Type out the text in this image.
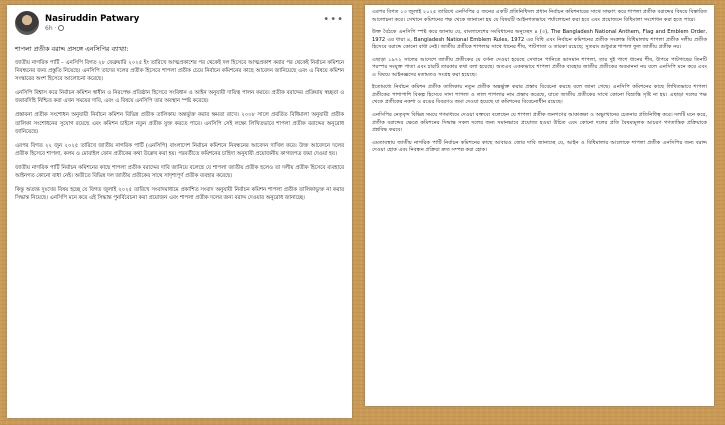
Nasiruddin Patwary
6h ·
•••
শাপলা প্রতীক বরাদ্দ প্রসঙ্গে এনসিপির ব্যাখ্যা:

জাতীয় নাগরিক পার্টি – এনসিপি বিগত ২৮ ফেব্রুয়ারি ২০২৫ ইং তারিখে আত্মপ্রকাশের পর থেকেই দল হিসেবে আত্মপ্রকাশ করার পর থেকেই নির্বাচন কমিশনে নিবন্ধনের জন্য প্রস্তুতি নিয়েছে। এনসিপি তাদের দলের প্রতীক হিসেবে শাপলা প্রতীক চেয়ে নির্বাচন কমিশনের কাছে আবেদন জানিয়েছে এবং এ বিষয়ে কমিশন সংস্কারের অংশ হিসেবে আলোচনা করেছে।

এনসিপি বিশ্বাস করে নির্বাচন কমিশন স্বাধীন ও নিরপেক্ষ প্রতিষ্ঠান হিসেবে সংবিধান ও আইন অনুযায়ী দায়িত্ব পালন করবে। প্রতীক বরাদ্দের প্রক্রিয়ায় স্বচ্ছতা ও জবাবদিহি নিশ্চিত করা এখন সময়ের দাবি, এবং এ বিষয়ে এনসিপি তার অবস্থান স্পষ্ট করেছে।

প্রস্তাবনা প্রতীক সংশোধন অনুযায়ী নির্বাচন কমিশন বিভিন্ন প্রতীক তালিকায় অন্তর্ভুক্ত করার ক্ষমতা রাখে। ২০০৮ সালে প্রবর্তিত বিধিমালা অনুযায়ী প্রতীক তালিকা সংশোধনের সুযোগ রয়েছে এবং কমিশন চাইলে নতুন প্রতীক যুক্ত করতে পারে। এনসিপি সেই লক্ষ্যে লিখিতভাবে শাপলা প্রতীক বরাদ্দের অনুরোধ জানিয়েছে।

এরপর বিগত ২২ জুন ২০২৫ তারিখে জাতীয় নাগরিক পার্টি (এনসিপি) বাংলাদেশ নির্বাচন কমিশনে নিবন্ধনের আবেদন দাখিল করে। উক্ত আবেদনে দলের প্রতীক হিসেবে শাপলা, কলম ও মোবাইল ফোন প্রতীকের কথা উল্লেখ করা হয়। পরবর্তীতে কমিশনের চাহিদা অনুযায়ী প্রয়োজনীয় কাগজপত্র জমা দেওয়া হয়।

জাতীয় নাগরিক পার্টি নির্বাচন কমিশনের কাছে শাপলা প্রতীক বরাদ্দের দাবি জানিয়ে বলেছে যে শাপলা জাতীয় প্রতীক হলেও তা দলীয় প্রতীক হিসেবে ব্যবহারে আইনগত কোনো বাধা নেই। অতীতে বিভিন্ন দল জাতীয় প্রতীকের সাথে সাদৃশ্যপূর্ণ প্রতীক ব্যবহার করেছে।

কিন্তু অত্যন্ত দুঃখের বিষয় হচ্ছে যে বিগত জুলাই ২০২৫ তারিখে সংবাদমাধ্যমে প্রকাশিত সংবাদ অনুযায়ী নির্বাচন কমিশন শাপলা প্রতীক তালিকাভুক্ত না করার সিদ্ধান্ত নিয়েছে। এনসিপি মনে করে এই সিদ্ধান্ত পুনর্বিবেচনা করা প্রয়োজন এবং শাপলা প্রতীক দলের জন্য বরাদ্দ দেওয়ার অনুরোধ জানাচ্ছে।

এরপর বিগত ১৩ জুলাই ২০২৫ তারিখে এনসিপির ৫ জনের একটি প্রতিনিধিদল প্রধান নির্বাচন কমিশনারের সাথে সাক্ষাৎ করে শাপলা প্রতীক বরাদ্দের বিষয়ে বিস্তারিত আলোচনা করে। সেখানে কমিশনের পক্ষ থেকে জানানো হয় যে বিষয়টি আইনগতভাবে পর্যালোচনা করা হবে এবং প্রয়োজনে বিধিমালা সংশোধন করা হতে পারে।

উক্ত বৈঠকে এনসিপি স্পষ্ট করে জানায় যে, বাংলাদেশের সংবিধানের অনুচ্ছেদ ৪ (৩), The Bangladesh National Anthem, Flag and Emblem Order, 1972 এর ধারা ৪, Bangladesh National Emblem Rules, 1972 এর বিধি এবং নির্বাচন কমিশনের প্রতীক সংক্রান্ত বিধিমালায় শাপলা প্রতীক দলীয় প্রতীক হিসেবে বরাদ্দে কোনো বাধা নেই। জাতীয় প্রতীকে শাপলার সাথে ধানের শীষ, পাটপাতা ও তারকা রয়েছে; সুতরাং শুধুমাত্র শাপলা ফুল জাতীয় প্রতীক নয়।

এছাড়া ১৯৭২ সালের আদেশে জাতীয় প্রতীকের যে বর্ণনা দেওয়া হয়েছে সেখানে পানিতে ভাসমান শাপলা, তার দুই পাশে ধানের শীষ, উপরে পাটগাছের তিনটি পরস্পর সংযুক্ত পাতা এবং চারটি তারকার কথা বলা হয়েছে। অতএব এককভাবে শাপলা প্রতীক ব্যবহার জাতীয় প্রতীকের অবমাননা নয় বলে এনসিপি মনে করে এবং এ বিষয়ে আইনজ্ঞদের মতামতও সংগ্রহ করা হয়েছে।

ইতোমধ্যে নির্বাচন কমিশন প্রতীক তালিকায় নতুন প্রতীক অন্তর্ভুক্ত করার প্রস্তাব বিবেচনা করছে বলে জানা গেছে। এনসিপি কমিশনের কাছে লিখিতভাবে শাপলা প্রতীকের পাশাপাশি বিকল্প হিসেবে সাদা শাপলা ও লাল শাপলার নাম প্রস্তাব করেছে, যাতে জাতীয় প্রতীকের সাথে কোনো বিভ্রান্তি সৃষ্টি না হয়। এছাড়া দলের পক্ষ থেকে প্রতীকের নকশা ও রঙের বিবরণও জমা দেওয়া হয়েছে যা কমিশনের বিবেচনাধীন রয়েছে।

এনসিপির নেতৃবৃন্দ বিভিন্ন সময়ে গণমাধ্যমে দেওয়া বক্তব্যে বলেছেন যে শাপলা প্রতীক জনগণের আকাঙ্ক্ষা ও অভ্যুত্থানের চেতনার প্রতিনিধিত্ব করে। দলটি মনে করে, প্রতীক বরাদ্দের ক্ষেত্রে কমিশনের সিদ্ধান্ত সকল দলের জন্য সমানভাবে প্রযোজ্য হওয়া উচিত এবং কোনো দলের প্রতি বৈষম্যমূলক আচরণ গণতান্ত্রিক প্রক্রিয়াকে প্রশ্নবিদ্ধ করবে।

এমতাবস্থায় জাতীয় নাগরিক পার্টি নির্বাচন কমিশনের কাছে আবারও জোর দাবি জানাচ্ছে যে, আইন ও বিধিমালার আলোকে শাপলা প্রতীক এনসিপির জন্য বরাদ্দ দেওয়া হোক এবং নিবন্ধন প্রক্রিয়া দ্রুত সম্পন্ন করা হোক।
